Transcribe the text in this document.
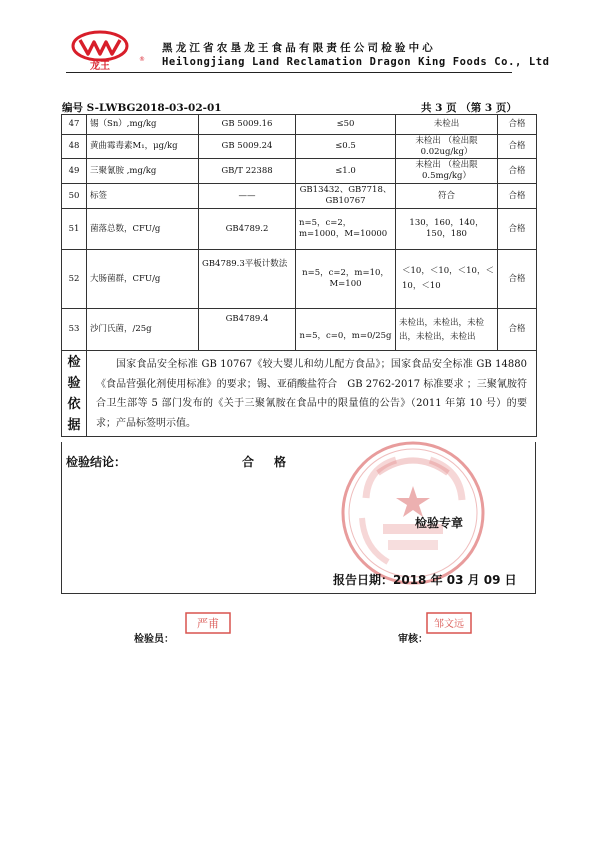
龙王
®
黑龙江省农垦龙王食品有限责任公司检验中心
Heilongjiang Land Reclamation Dragon King Foods Co., Ltd
编号 S-LWBG2018-03-02-01	共 3 页 （第 3 页）
47	锡（Sn）,mg/kg	GB 5009.16	≤50	未检出	合格
48	黄曲霉毒素M₁，μg/kg	GB 5009.24	≤0.5	未检出 （检出限0.02ug/kg）	合格
49	三聚氰胺 ,mg/kg	GB/T 22388	≤1.0	未检出 （检出限0.5mg/kg）	合格
50	标签	——	GB13432、GB7718、GB10767	符合	合格
51	菌落总数，CFU/g	GB4789.2	n=5，c=2，m=1000，M=10000	130，160，140，150，180	合格
52	大肠菌群，CFU/g	GB4789.3平板计数法	n=5，c=2，m=10，M=100	＜10，＜10，＜10，＜10，＜10	合格
53	沙门氏菌，/25g	GB4789.4	n=5，c=0，m=0/25g	未检出，未检出，未检出，未检出，未检出	合格

检验依据	国家食品安全标准 GB 10767《较大婴儿和幼儿配方食品》；国家食品安全标准 GB 14880《食品营强化剂使用标准》的要求；锡、亚硝酸盐符合　GB 2762-2017 标准要求 ；三聚氰胺符合卫生部等 5 部门发布的《关于三聚氰胺在食品中的限量值的公告》（2011 年第 10 号）的要求；产品标签明示值。				
检验结论：	合格
检验专章
报告日期：2018 年 03 月 09 日
检验员：
严甫
审核：
邹文远
